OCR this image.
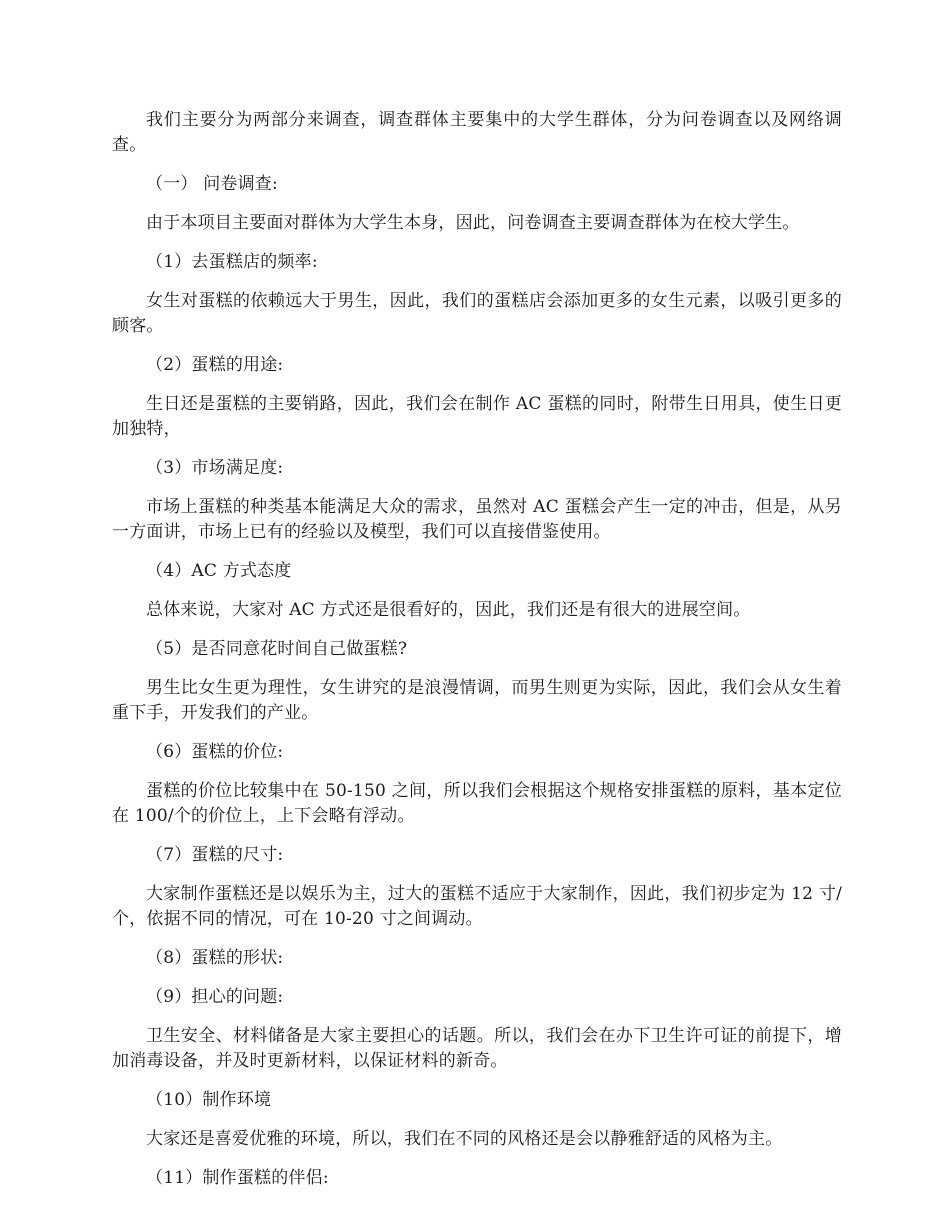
我们主要分为两部分来调查，调查群体主要集中的大学生群体，分为问卷调查以及网络调查。

（一） 问卷调查:

由于本项目主要面对群体为大学生本身，因此，问卷调查主要调查群体为在校大学生。

（1）去蛋糕店的频率:

女生对蛋糕的依赖远大于男生，因此，我们的蛋糕店会添加更多的女生元素，以吸引更多的顾客。

（2）蛋糕的用途:

生日还是蛋糕的主要销路，因此，我们会在制作 AC 蛋糕的同时，附带生日用具，使生日更加独特，

（3）市场满足度:

市场上蛋糕的种类基本能满足大众的需求，虽然对 AC 蛋糕会产生一定的冲击，但是，从另一方面讲，市场上已有的经验以及模型，我们可以直接借鉴使用。

（4）AC 方式态度

总体来说，大家对 AC 方式还是很看好的，因此，我们还是有很大的进展空间。

（5）是否同意花时间自己做蛋糕?

男生比女生更为理性，女生讲究的是浪漫情调，而男生则更为实际，因此，我们会从女生着重下手，开发我们的产业。

（6）蛋糕的价位:

蛋糕的价位比较集中在 50-150 之间，所以我们会根据这个规格安排蛋糕的原料，基本定位在 100/个的价位上，上下会略有浮动。

（7）蛋糕的尺寸:

大家制作蛋糕还是以娱乐为主，过大的蛋糕不适应于大家制作，因此，我们初步定为 12 寸/个，依据不同的情况，可在 10-20 寸之间调动。

（8）蛋糕的形状:

（9）担心的问题:

卫生安全、材料储备是大家主要担心的话题。所以，我们会在办下卫生许可证的前提下，增加消毒设备，并及时更新材料，以保证材料的新奇。

（10）制作环境

大家还是喜爱优雅的环境，所以，我们在不同的风格还是会以静雅舒适的风格为主。

（11）制作蛋糕的伴侣:
